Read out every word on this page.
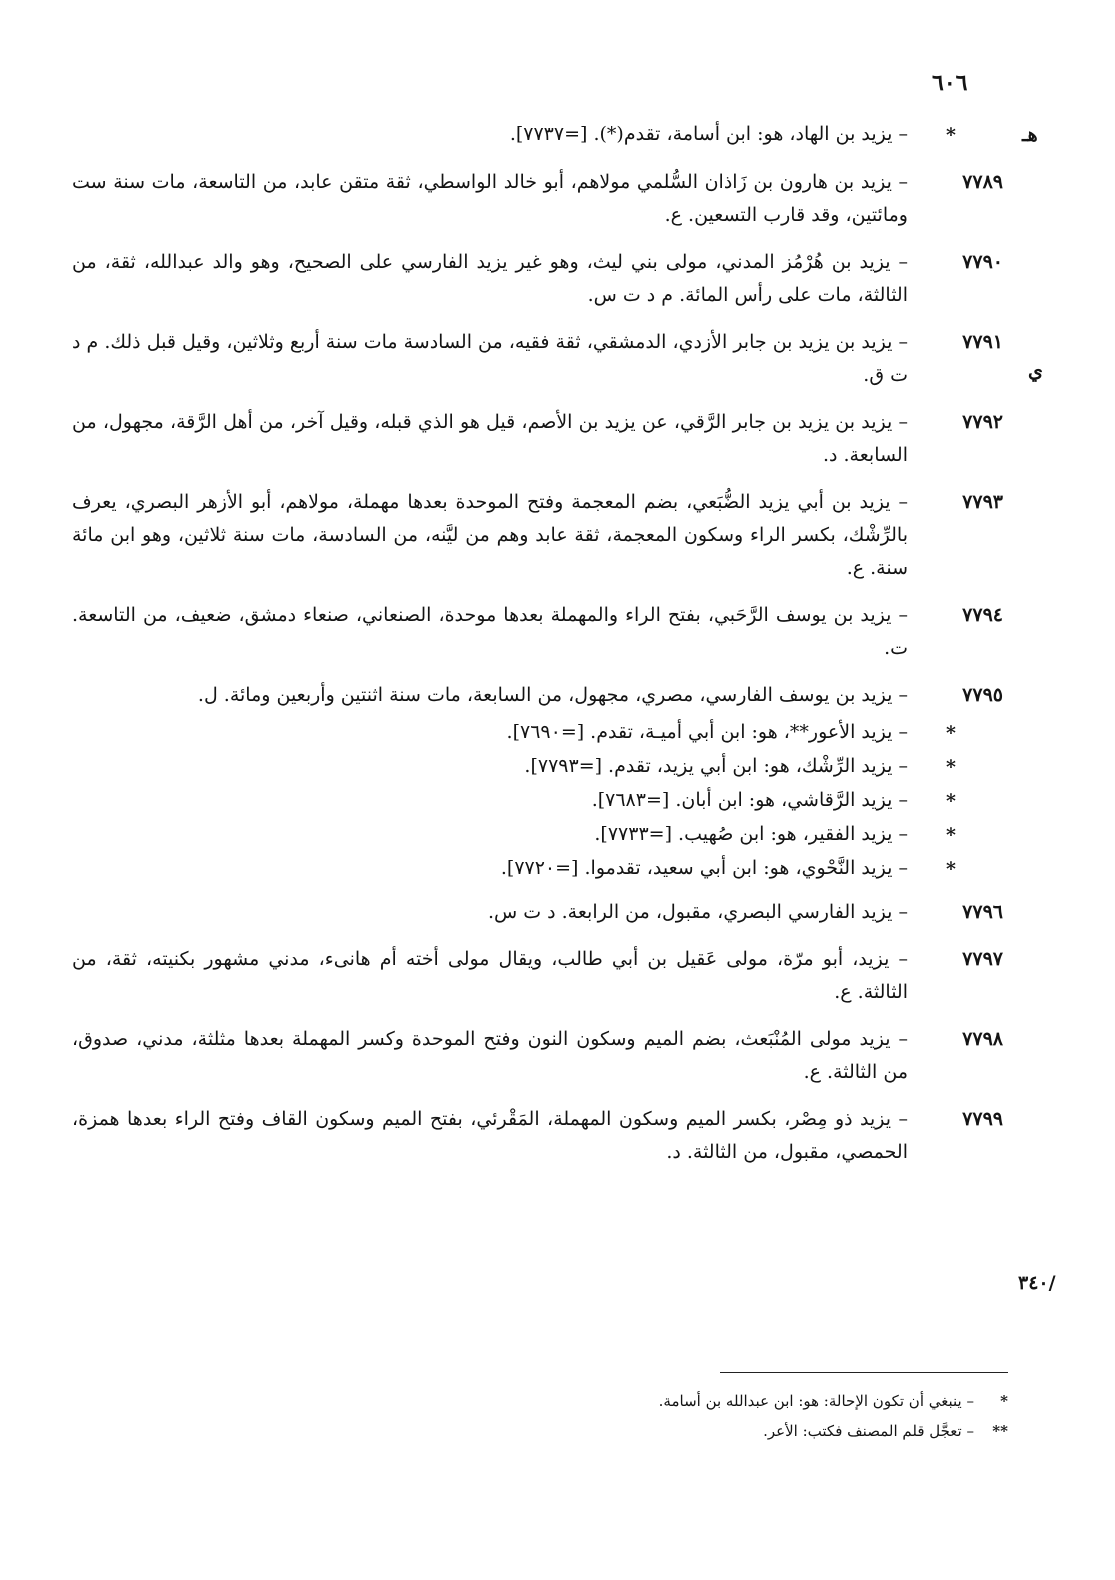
٦٠٦
هـ
ي
٣٤٠/
*
– يزيد بن الهاد، هو: ابن أسامة، تقدم(*). [=٧٧٣٧].
٧٧٨٩
– يزيد بن هارون بن زَاذان السُّلمي مولاهم، أبو خالد الواسطي، ثقة متقن عابد، من التاسعة، مات سنة ست ومائتين، وقد قارب التسعين. ع.
٧٧٩٠
– يزيد بن هُرْمُز المدني، مولى بني ليث، وهو غير يزيد الفارسي على الصحيح، وهو والد عبدالله، ثقة، من الثالثة، مات على رأس المائة. م د ت س.
٧٧٩١
– يزيد بن يزيد بن جابر الأزدي، الدمشقي، ثقة فقيه، من السادسة مات سنة أربع وثلاثين، وقيل قبل ذلك. م د ت ق.
٧٧٩٢
– يزيد بن يزيد بن جابر الرَّقي، عن يزيد بن الأصم، قيل هو الذي قبله، وقيل آخر، من أهل الرَّقة، مجهول، من السابعة. د.
٧٧٩٣
– يزيد بن أبي يزيد الضُّبَعي، بضم المعجمة وفتح الموحدة بعدها مهملة، مولاهم، أبو الأزهر البصري، يعرف بالرِّشْك، بكسر الراء وسكون المعجمة، ثقة عابد وهم من ليَّنه، من السادسة، مات سنة ثلاثين، وهو ابن مائة سنة. ع.
٧٧٩٤
– يزيد بن يوسف الرَّحَبي، بفتح الراء والمهملة بعدها موحدة، الصنعاني، صنعاء دمشق، ضعيف، من التاسعة. ت.
٧٧٩٥
– يزيد بن يوسف الفارسي، مصري، مجهول، من السابعة، مات سنة اثنتين وأربعين ومائة. ل.
*
– يزيد الأعور**، هو: ابن أبي أميـة، تقدم. [=٧٦٩٠].
*
– يزيد الرِّشْك، هو: ابن أبي يزيد، تقدم. [=٧٧٩٣].
*
– يزيد الرَّقاشي، هو: ابن أبان. [=٧٦٨٣].
*
– يزيد الفقير، هو: ابن صُهيب. [=٧٧٣٣].
*
– يزيد النَّحْوي، هو: ابن أبي سعيد، تقدموا. [=٧٧٢٠].
٧٧٩٦
– يزيد الفارسي البصري، مقبول، من الرابعة. د ت س.
٧٧٩٧
– يزيد، أبو مرّة، مولى عَقيل بن أبي طالب، ويقال مولى أخته أم هانىء، مدني مشهور بكنيته، ثقة، من الثالثة. ع.
٧٧٩٨
– يزيد مولى المُنْبَعث، بضم الميم وسكون النون وفتح الموحدة وكسر المهملة بعدها مثلثة، مدني، صدوق، من الثالثة. ع.
٧٧٩٩
– يزيد ذو مِصْر، بكسر الميم وسكون المهملة، المَقْرئي، بفتح الميم وسكون القاف وفتح الراء بعدها همزة، الحمصي، مقبول، من الثالثة. د.
*
– ينبغي أن تكون الإحالة: هو: ابن عبدالله بن أسامة.
**
– تعجَّل قلم المصنف فكتب: الأعر.
